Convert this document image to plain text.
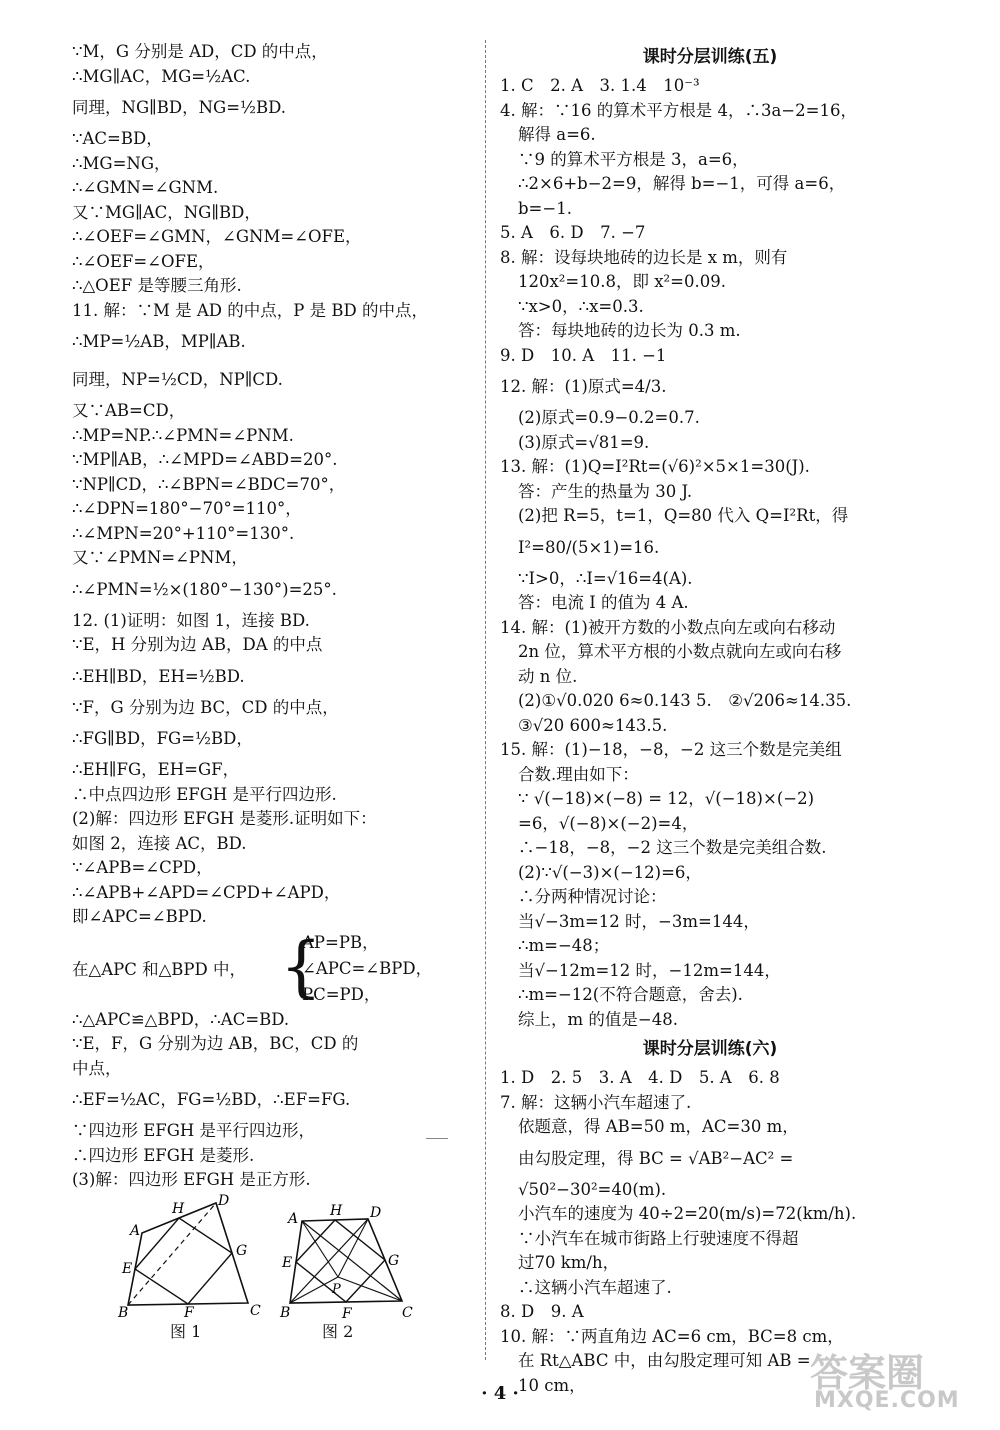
∵M，G 分别是 AD，CD 的中点，
∴MG∥AC，MG=½AC.
同理，NG∥BD，NG=½BD.
∵AC=BD，
∴MG=NG，
∴∠GMN=∠GNM.
又∵MG∥AC，NG∥BD，
∴∠OEF=∠GMN，∠GNM=∠OFE，
∴∠OEF=∠OFE，
∴△OEF 是等腰三角形.
11. 解：∵M 是 AD 的中点，P 是 BD 的中点，
∴MP=½AB，MP∥AB.
同理，NP=½CD，NP∥CD.
又∵AB=CD，
∴MP=NP.∴∠PMN=∠PNM.
∵MP∥AB，∴∠MPD=∠ABD=20°.
∵NP∥CD，∴∠BPN=∠BDC=70°，
∴∠DPN=180°−70°=110°，
∴∠MPN=20°+110°=130°.
又∵∠PMN=∠PNM，
∴∠PMN=½×(180°−130°)=25°.
12. (1)证明：如图 1，连接 BD.
∵E，H 分别为边 AB，DA 的中点
∴EH∥BD，EH=½BD.
∵F，G 分别为边 BC，CD 的中点，
∴FG∥BD，FG=½BD，
∴EH∥FG，EH=GF，
∴中点四边形 EFGH 是平行四边形.
(2)解：四边形 EFGH 是菱形.证明如下：
如图 2，连接 AC，BD.
∵∠APB=∠CPD，
∴∠APB+∠APD=∠CPD+∠APD，
即∠APC=∠BPD.
在△APC 和△BPD 中， {
AP=PB，
∠APC=∠BPD，
PC=PD，
∴△APC≌△BPD，∴AC=BD.
∵E，F，G 分别为边 AB，BC，CD 的
中点，
∴EF=½AC，FG=½BD，∴EF=FG.
∵四边形 EFGH 是平行四边形，
∴四边形 EFGH 是菱形.
(3)解：四边形 EFGH 是正方形.
A
H D
E
G
B	F	C
图 1
A H D
E	G
P
B	F	C
图 2
课时分层训练(五)
1. C　2. A　3. 1.4　10⁻³
4. 解：∵16 的算术平方根是 4，∴3a−2=16，
解得 a=6.
∵9 的算术平方根是 3，a=6，
∴2×6+b−2=9，解得 b=−1，可得 a=6，
b=−1.
5. A　6. D　7. −7
8. 解：设每块地砖的边长是 x m，则有
120x²=10.8，即 x²=0.09.
∵x>0，∴x=0.3.
答：每块地砖的边长为 0.3 m.
9. D　10. A　11. −1
12. 解：(1)原式=4/3.
(2)原式=0.9−0.2=0.7.
(3)原式=√81=9.
13. 解：(1)Q=I²Rt=(√6)²×5×1=30(J).
答：产生的热量为 30 J.
(2)把 R=5，t=1，Q=80 代入 Q=I²Rt，得
I²=80/(5×1)=16.
∵I>0，∴I=√16=4(A).
答：电流 I 的值为 4 A.
14. 解：(1)被开方数的小数点向左或向右移动
2n 位，算术平方根的小数点就向左或向右移
动 n 位.
(2)①√0.020 6≈0.143 5.　②√206≈14.35.
③√20 600≈143.5.
15. 解：(1)−18，−8，−2 这三个数是完美组
合数.理由如下：
∵ √(−18)×(−8) = 12，√(−18)×(−2)
=6，√(−8)×(−2)=4，
∴−18，−8，−2 这三个数是完美组合数.
(2)∵√(−3)×(−12)=6，
∴分两种情况讨论：
当√−3m=12 时，−3m=144，
∴m=−48；
当√−12m=12 时，−12m=144，
∴m=−12(不符合题意，舍去).
综上，m 的值是−48.
课时分层训练(六)
1. D　2. 5　3. A　4. D　5. A　6. 8
7. 解：这辆小汽车超速了.
依题意，得 AB=50 m，AC=30 m，
由勾股定理，得 BC = √AB²−AC² =
√50²−30²=40(m).
小汽车的速度为 40÷2=20(m/s)=72(km/h).
∵小汽车在城市街路上行驶速度不得超
过70 km/h，
∴这辆小汽车超速了.
8. D　9. A
10. 解：∵两直角边 AC=6 cm，BC=8 cm，
在 Rt△ABC 中，由勾股定理可知 AB =
10 cm，
· 4 ·	答案圈
MXQE.COM
